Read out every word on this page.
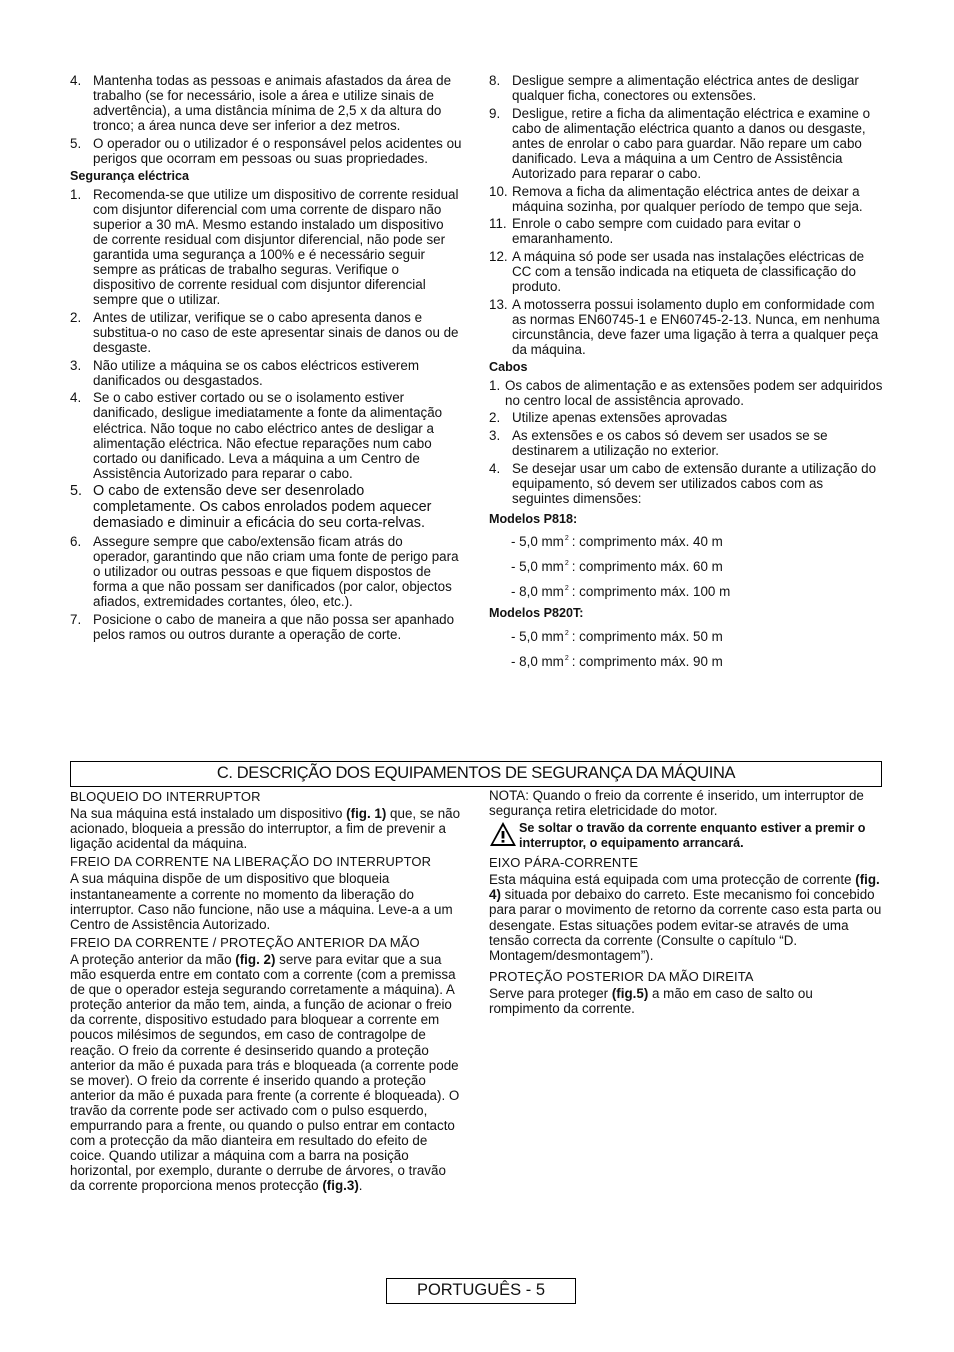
4. Mantenha todas as pessoas e animais afastados da área de trabalho (se for necessário, isole a área e utilize sinais de advertência), a uma distância mínima de 2,5 x da altura do tronco; a área nunca deve ser inferior a dez metros.
5. O operador ou o utilizador é o responsável pelos acidentes ou perigos que ocorram em pessoas ou suas propriedades.
Segurança eléctrica
1. Recomenda-se que utilize um dispositivo de corrente residual com disjuntor diferencial com uma corrente de disparo não superior a 30 mA. Mesmo estando instalado um dispositivo de corrente residual com disjuntor diferencial, não pode ser garantida uma segurança a 100% e é necessário seguir sempre as práticas de trabalho seguras. Verifique o dispositivo de corrente residual com disjuntor diferencial sempre que o utilizar.
2. Antes de utilizar, verifique se o cabo apresenta danos e substitua-o no caso de este apresentar sinais de danos ou de desgaste.
3. Não utilize a máquina se os cabos eléctricos estiverem danificados ou desgastados.
4. Se o cabo estiver cortado ou se o isolamento estiver danificado, desligue imediatamente a fonte da alimentação eléctrica. Não toque no cabo eléctrico antes de desligar a alimentação eléctrica. Não efectue reparações num cabo cortado ou danificado. Leva a máquina a um Centro de Assistência Autorizado para reparar o cabo.
5. O cabo de extensão deve ser desenrolado completamente. Os cabos enrolados podem aquecer demasiado e diminuir a eficácia do seu corta-relvas.
6. Assegure sempre que cabo/extensão ficam atrás do operador, garantindo que não criam uma fonte de perigo para o utilizador ou outras pessoas e que fiquem dispostos de forma a que não possam ser danificados (por calor, objectos afiados, extremidades cortantes, óleo, etc.).
7. Posicione o cabo de maneira a que não possa ser apanhado pelos ramos ou outros durante a operação de corte.
8. Desligue sempre a alimentação eléctrica antes de desligar qualquer ficha, conectores ou extensões.
9. Desligue, retire a ficha da alimentação eléctrica e examine o cabo de alimentação eléctrica quanto a danos ou desgaste, antes de enrolar o cabo para guardar. Não repare um cabo danificado. Leva a máquina a um Centro de Assistência Autorizado para reparar o cabo.
10. Remova a ficha da alimentação eléctrica antes de deixar a máquina sozinha, por qualquer período de tempo que seja.
11. Enrole o cabo sempre com cuidado para evitar o emaranhamento.
12. A máquina só pode ser usada nas instalações eléctricas de CC com a tensão indicada na etiqueta de classificação do produto.
13. A motosserra possui isolamento duplo em conformidade com as normas EN60745-1 e EN60745-2-13. Nunca, em nenhuma circunstância, deve fazer uma ligação à terra a qualquer peça da máquina.
Cabos
1. Os cabos de alimentação e as extensões podem ser adquiridos no centro local de assistência aprovado.
2. Utilize apenas extensões aprovadas
3. As extensões e os cabos só devem ser usados se se destinarem a utilização no exterior.
4. Se desejar usar um cabo de extensão durante a utilização do equipamento, só devem ser utilizados cabos com as seguintes dimensões:
Modelos P818:
- 5,0 $mm^2$ : comprimento máx. 40 m
- 5,0 $mm^2$ : comprimento máx. 60 m
- 8,0 $mm^2$ : comprimento máx. 100 m
Modelos P820T:
- 5,0 $mm^2$ : comprimento máx. 50 m
- 8,0 $mm^2$ : comprimento máx. 90 m
C. DESCRIÇÃO DOS EQUIPAMENTOS DE SEGURANÇA DA MÁQUINA
BLOQUEIO DO INTERRUPTOR
Na sua máquina está instalado um dispositivo (fig. 1) que, se não acionado, bloqueia a pressão do interruptor, a fim de prevenir a ligação acidental da máquina.
FREIO DA CORRENTE NA LIBERAÇÃO DO INTERRUPTOR
A sua máquina dispõe de um dispositivo que bloqueia instantaneamente a corrente no momento da liberação do interruptor. Caso não funcione, não use a máquina. Leve-a a um Centro de Assistência Autorizado.
FREIO DA CORRENTE / PROTEÇÃO ANTERIOR DA MÃO
A proteção anterior da mão (fig. 2) serve para evitar que a sua mão esquerda entre em contato com a corrente (com a premissa de que o operador esteja segurando corretamente a máquina). A proteção anterior da mão tem, ainda, a função de acionar o freio da corrente, dispositivo estudado para bloquear a corrente em poucos milésimos de segundos, em caso de contragolpe de reação. O freio da corrente é desinserido quando a proteção anterior da mão é puxada para trás e bloqueada (a corrente pode se mover). O freio da corrente é inserido quando a proteção anterior da mão é puxada para frente (a corrente é bloqueada). O travão da corrente pode ser activado com o pulso esquerdo, empurrando para a frente, ou quando o pulso entrar em contacto com a protecção da mão dianteira em resultado do efeito de coice. Quando utilizar a máquina com a barra na posição horizontal, por exemplo, durante o derrube de árvores, o travão da corrente proporciona menos protecção (fig.3).
NOTA: Quando o freio da corrente é inserido, um interruptor de segurança retira eletricidade do motor.
Se soltar o travão da corrente enquanto estiver a premir o interruptor, o equipamento arrancará.
EIXO PÁRA-CORRENTE
Esta máquina está equipada com uma protecção de corrente (fig. 4) situada por debaixo do carreto. Este mecanismo foi concebido para parar o movimento de retorno da corrente caso esta parta ou desengate. Estas situações podem evitar-se através de uma tensão correcta da corrente (Consulte o capítulo “D. Montagem/desmontagem”).
PROTEÇÃO POSTERIOR DA MÃO DIREITA
Serve para proteger (fig.5) a mão em caso de salto ou rompimento da corrente.
PORTUGUÊS - 5
